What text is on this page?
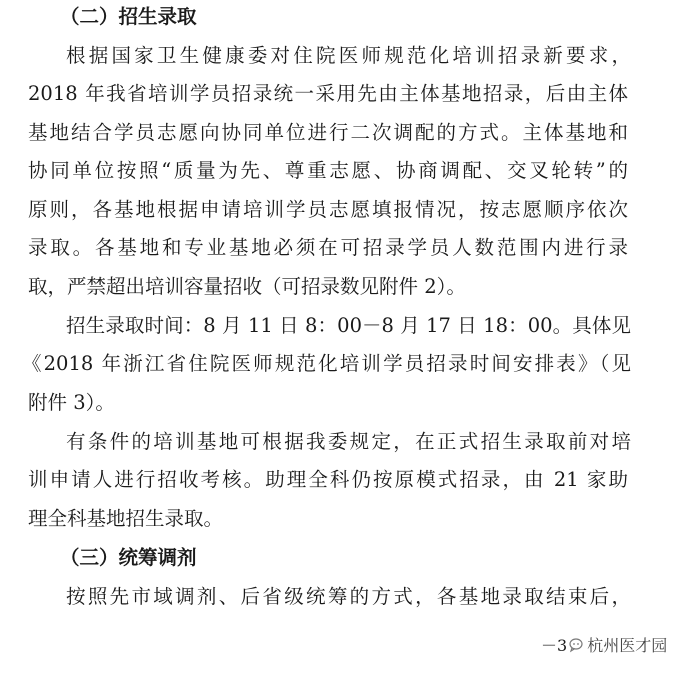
（二）招生录取
根据国家卫生健康委对住院医师规范化培训招录新要求，
2018 年我省培训学员招录统一采用先由主体基地招录，后由主体
基地结合学员志愿向协同单位进行二次调配的方式。主体基地和
协同单位按照“质量为先、尊重志愿、协商调配、交叉轮转”的
原则，各基地根据申请培训学员志愿填报情况，按志愿顺序依次
录取。各基地和专业基地必须在可招录学员人数范围内进行录
取，严禁超出培训容量招收（可招录数见附件 2）。
招生录取时间：8 月 11 日 8：00－8 月 17 日 18：00。具体见
《2018 年浙江省住院医师规范化培训学员招录时间安排表》（见
附件 3）。
有条件的培训基地可根据我委规定，在正式招生录取前对培
训申请人进行招收考核。助理全科仍按原模式招录，由 21 家助
理全科基地招生录取。
（三）统筹调剂
按照先市域调剂、后省级统筹的方式，各基地录取结束后，
－3 杭州医才园
